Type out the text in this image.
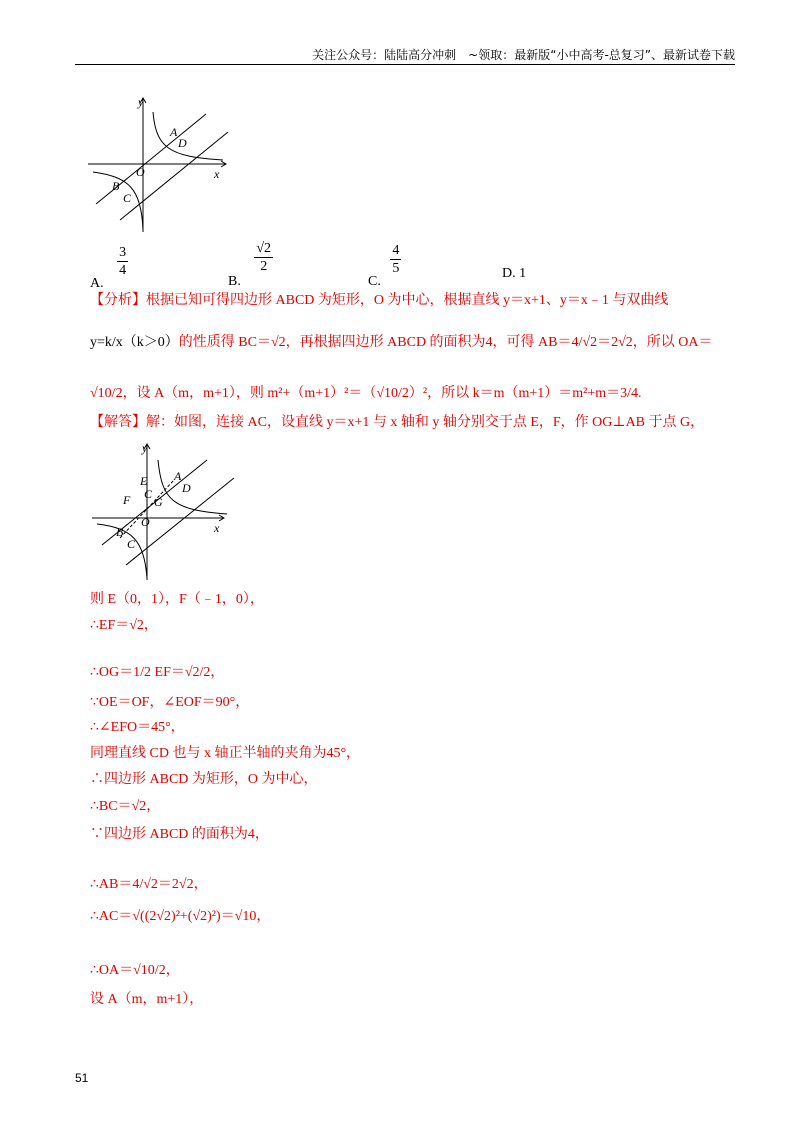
关注公众号：陆陆高分冲刺　~领取：最新版“小中高考-总复习”、最新试卷下载
y
x
A
D
O
B
C
A.
$\frac{3}{4}$
B.
$\frac{√2}{2}$
C.
$\frac{4}{5}$	D. 1
【分析】根据已知可得四边形 ABCD 为矩形，O 为中心，根据直线 y＝x+1、y＝x﹣1 与双曲线
y=k/x（k＞0）的性质得 BC＝√2，再根据四边形 ABCD 的面积为4，可得 AB＝4/√2＝2√2，所以 OA＝
√10/2，设 A（m，m+1），则 m²+（m+1）²＝（√10/2）²，所以 k＝m（m+1）＝m²+m＝3/4.
【解答】解：如图，连接 AC，设直线 y＝x+1 与 x 轴和 y 轴分别交于点 E，F，作 OG⊥AB 于点 G，
y
x
E A
D
C
F G
O
B
C
则 E（0，1），F（﹣1，0），
∴EF＝√2，
∴OG＝1/2 EF＝√2/2，
∵OE＝OF，∠EOF＝90°，
∴∠EFO＝45°，
同理直线 CD 也与 x 轴正半轴的夹角为45°，
∴四边形 ABCD 为矩形，O 为中心，
∴BC＝√2，
∵四边形 ABCD 的面积为4，
∴AB＝4/√2＝2√2，
∴AC＝√((2√2)²+(√2)²)＝√10，
∴OA＝√10/2，
设 A（m，m+1），
51
